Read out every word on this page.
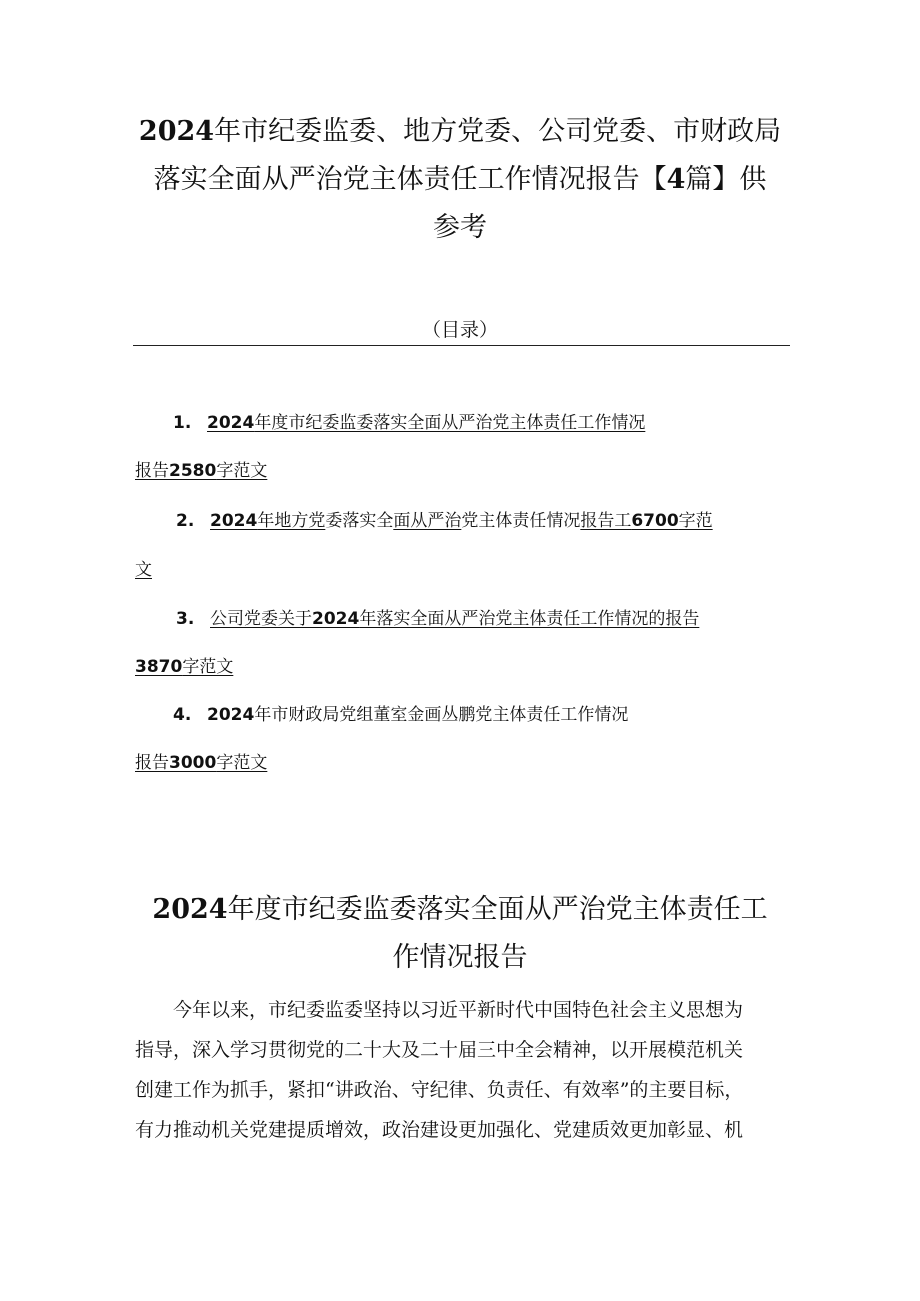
2024年市纪委监委、地方党委、公司党委、市财政局
落实全面从严治党主体责任工作情况报告【4篇】供
参考
（目录）
1. 2024年度市纪委监委落实全面从严治党主体责任工作情况
报告2580字范文
2. 2024年地方党委落实全面从严治党主体责任情况报告工6700字范
文
3. 公司党委关于2024年落实全面从严治党主体责任工作情况的报告
3870字范文
4. 2024年市财政局党组董室金画丛鹏党主体责任工作情况
报告3000字范文
2024年度市纪委监委落实全面从严治党主体责任工
作情况报告
今年以来，市纪委监委坚持以习近平新时代中国特色社会主义思想为
指导，深入学习贯彻党的二十大及二十届三中全会精神，以开展模范机关
创建工作为抓手，紧扣“讲政治、守纪律、负责任、有效率”的主要目标，
有力推动机关党建提质增效，政治建设更加强化、党建质效更加彰显、机
